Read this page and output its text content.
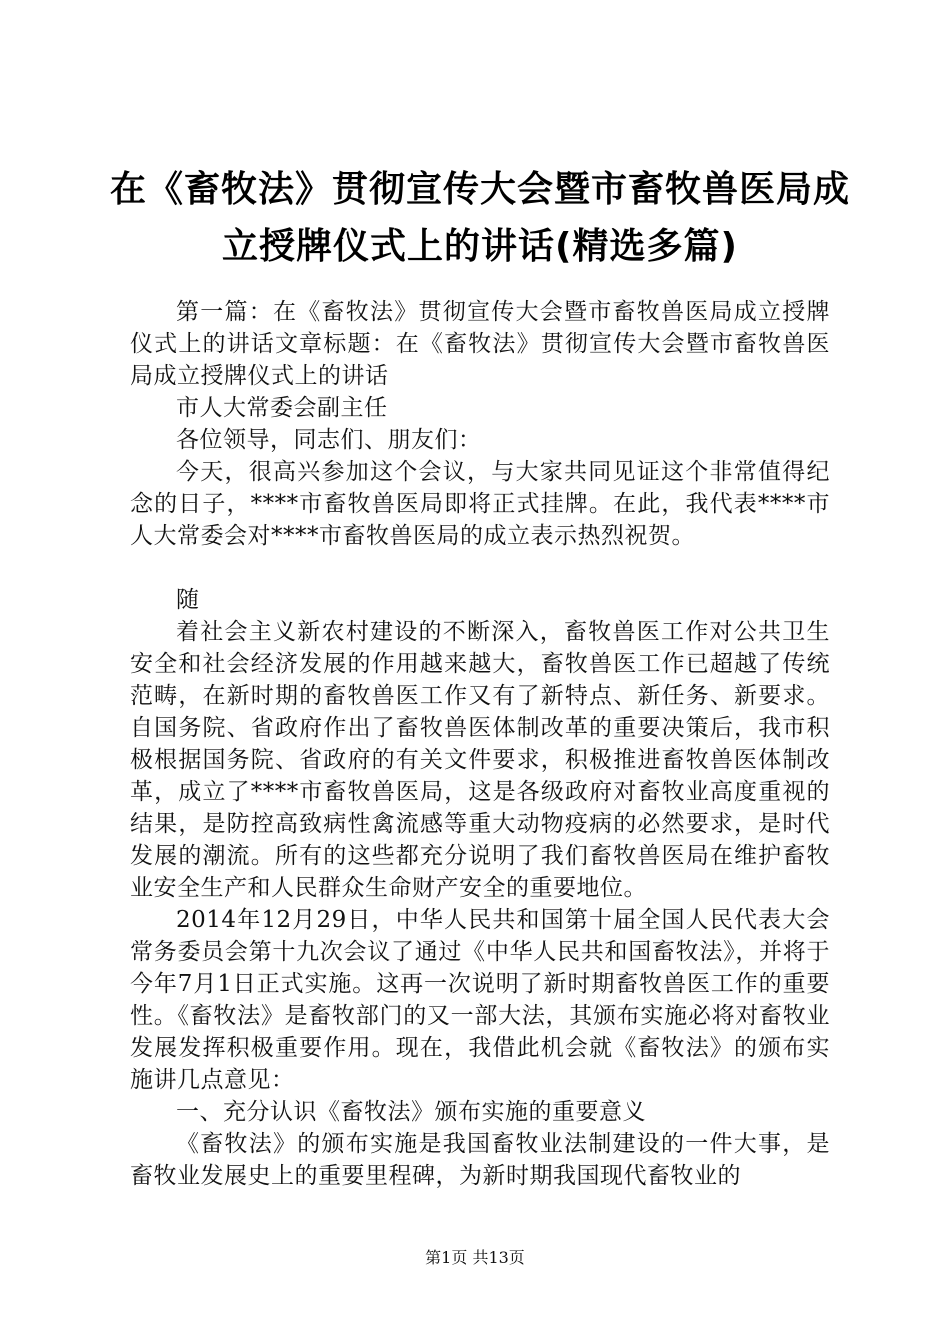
在《畜牧法》贯彻宣传大会暨市畜牧兽医局成
立授牌仪式上的讲话(精选多篇)

第一篇：在《畜牧法》贯彻宣传大会暨市畜牧兽医局成立授牌仪式上的讲话文章标题：在《畜牧法》贯彻宣传大会暨市畜牧兽医局成立授牌仪式上的讲话

市人大常委会副主任

各位领导，同志们、朋友们：

今天，很高兴参加这个会议，与大家共同见证这个非常值得纪念的日子，****市畜牧兽医局即将正式挂牌。在此，我代表****市人大常委会对****市畜牧兽医局的成立表示热烈祝贺。

随

着社会主义新农村建设的不断深入，畜牧兽医工作对公共卫生安全和社会经济发展的作用越来越大，畜牧兽医工作已超越了传统范畴，在新时期的畜牧兽医工作又有了新特点、新任务、新要求。自国务院、省政府作出了畜牧兽医体制改革的重要决策后，我市积极根据国务院、省政府的有关文件要求，积极推进畜牧兽医体制改革，成立了****市畜牧兽医局，这是各级政府对畜牧业高度重视的结果，是防控高致病性禽流感等重大动物疫病的必然要求，是时代发展的潮流。所有的这些都充分说明了我们畜牧兽医局在维护畜牧业安全生产和人民群众生命财产安全的重要地位。

2014年12月29日，中华人民共和国第十届全国人民代表大会常务委员会第十九次会议了通过《中华人民共和国畜牧法》，并将于今年7月1日正式实施。这再一次说明了新时期畜牧兽医工作的重要性。《畜牧法》是畜牧部门的又一部大法，其颁布实施必将对畜牧业发展发挥积极重要作用。现在，我借此机会就《畜牧法》的颁布实施讲几点意见：

一、充分认识《畜牧法》颁布实施的重要意义

《畜牧法》的颁布实施是我国畜牧业法制建设的一件大事，是畜牧业发展史上的重要里程碑，为新时期我国现代畜牧业的

第1页 共13页
